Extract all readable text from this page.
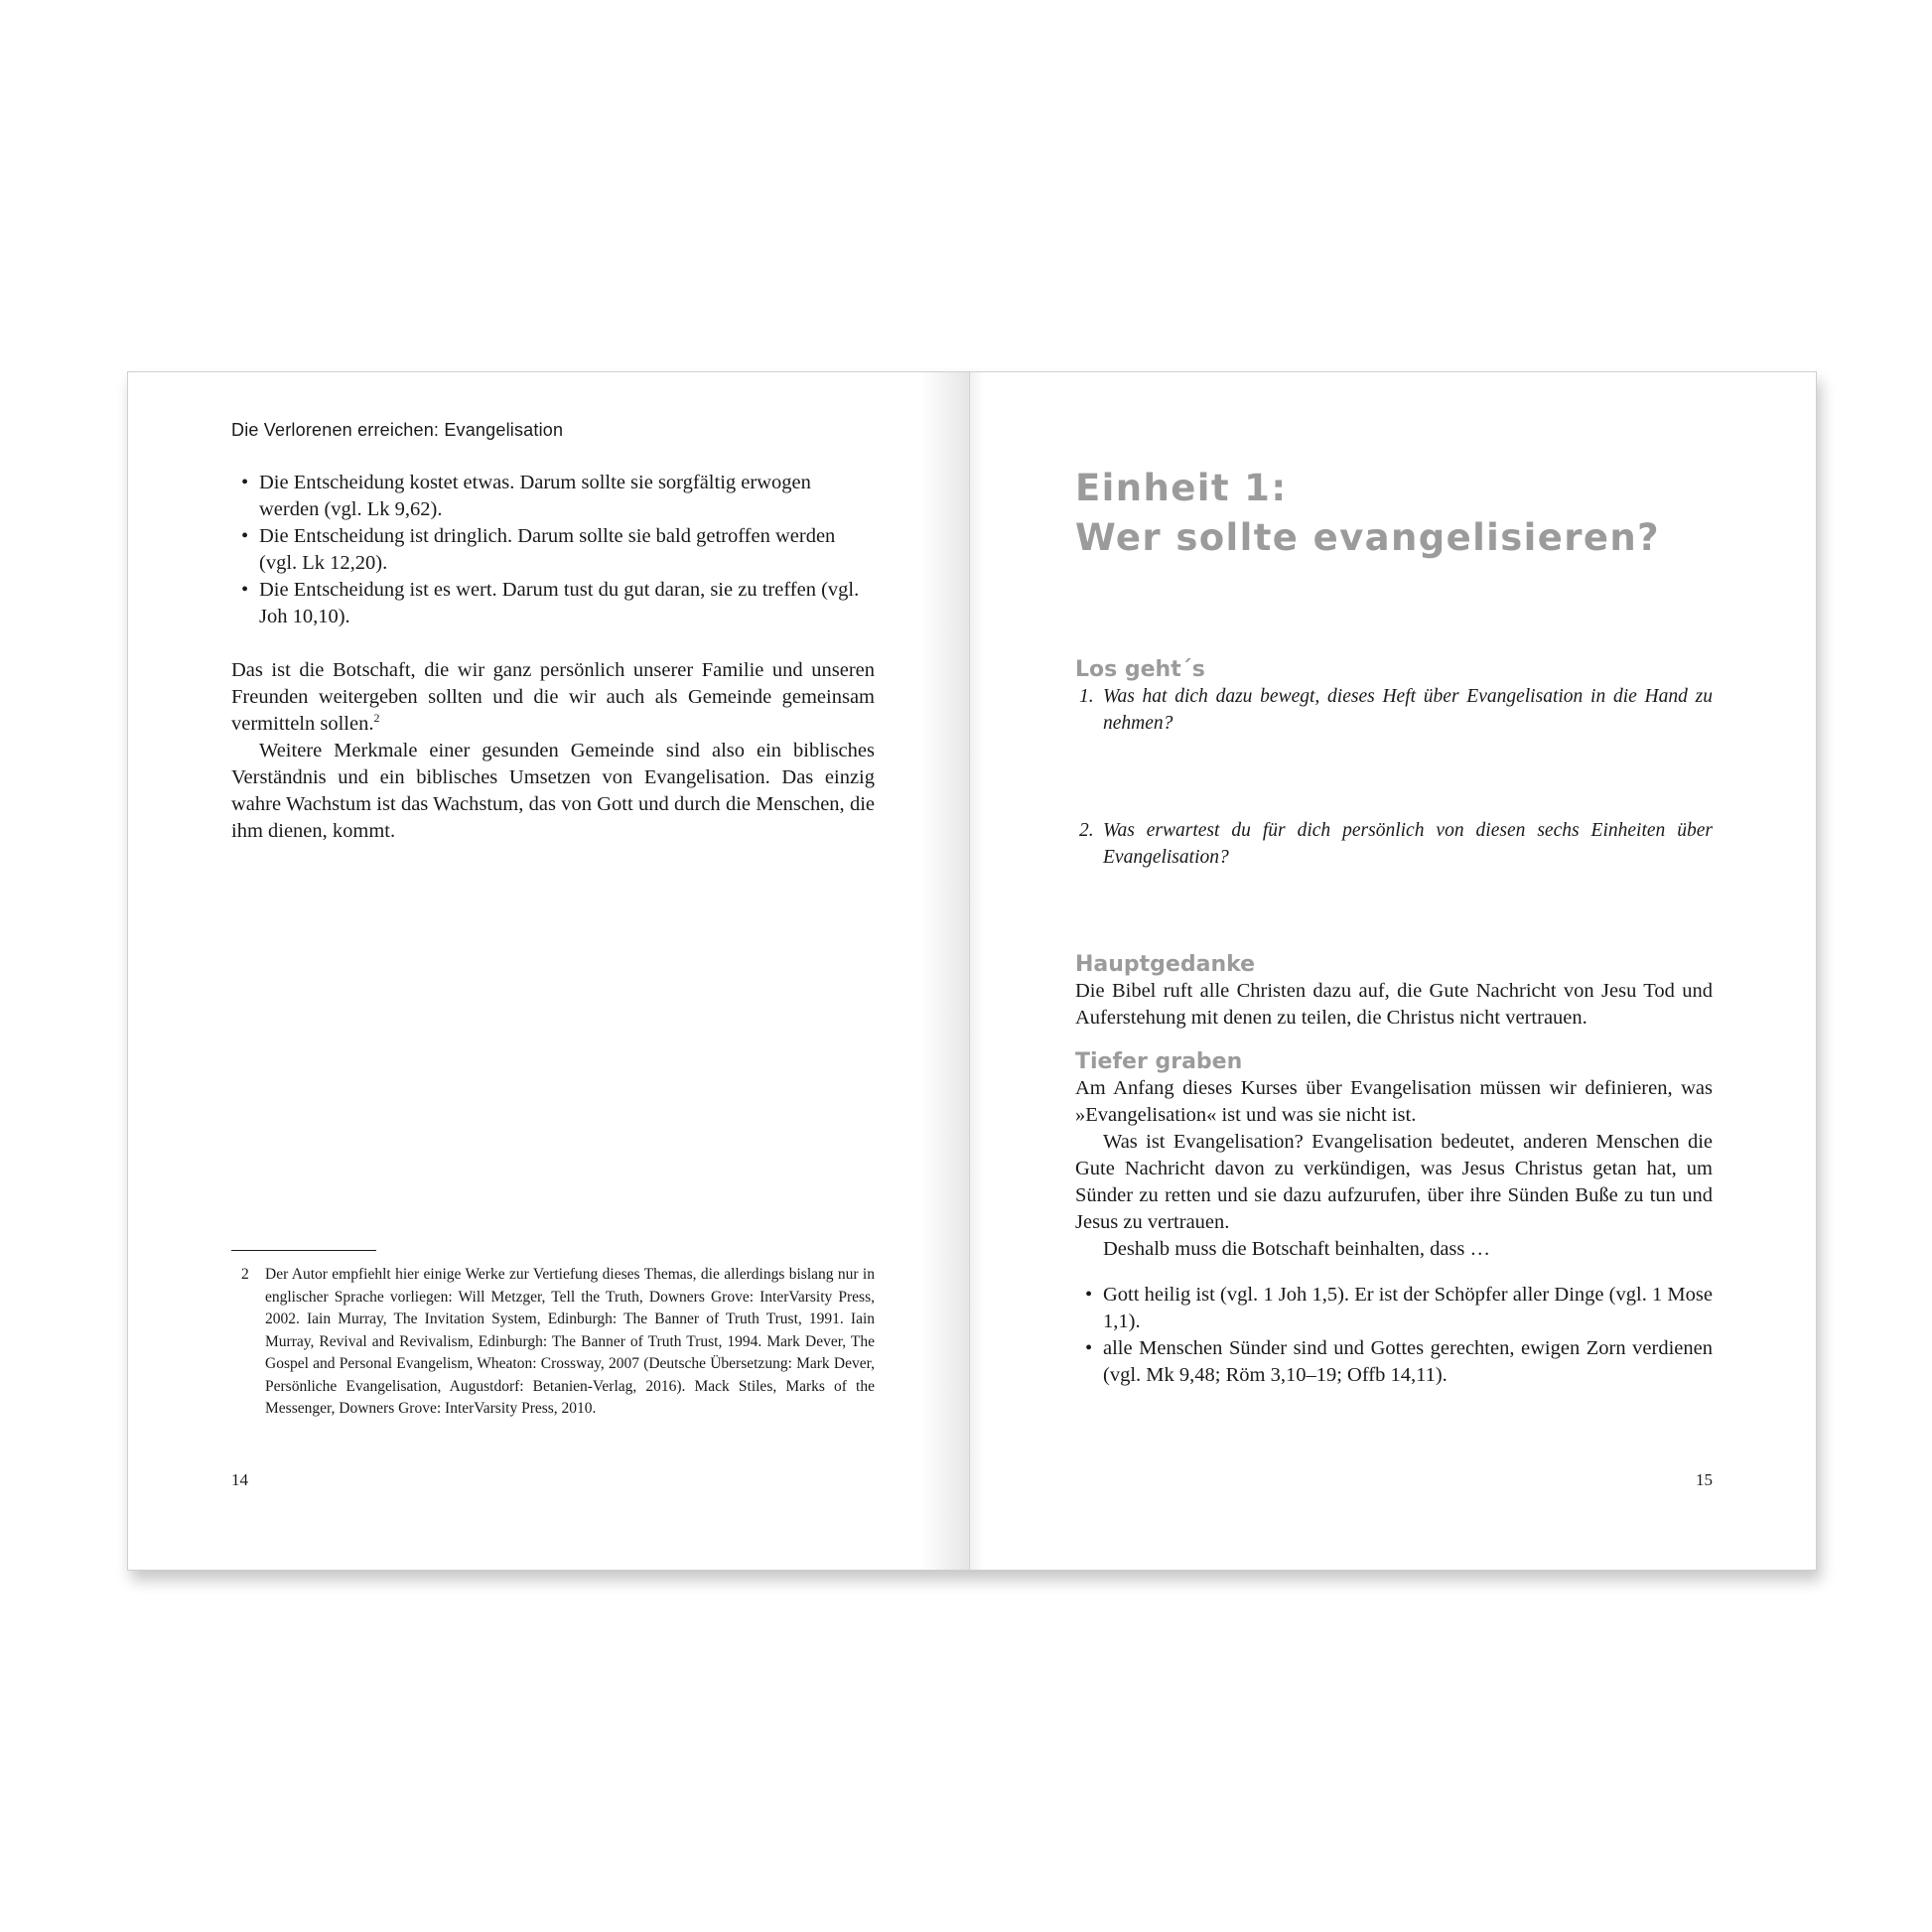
Die Verlorenen erreichen: Evangelisation
• Die Entscheidung kostet etwas. Darum sollte sie sorgfältig erwogen werden (vgl. Lk 9,62).
• Die Entscheidung ist dringlich. Darum sollte sie bald getroffen werden (vgl. Lk 12,20).
• Die Entscheidung ist es wert. Darum tust du gut daran, sie zu treffen (vgl. Joh 10,10).

Das ist die Botschaft, die wir ganz persönlich unserer Familie und unseren Freunden weitergeben sollten und die wir auch als Gemeinde gemeinsam vermitteln sollen.$^2$

Weitere Merkmale einer gesunden Gemeinde sind also ein biblisches Verständnis und ein biblisches Umsetzen von Evangelisation. Das einzig wahre Wachstum ist das Wachstum, das von Gott und durch die Menschen, die ihm dienen, kommt.

2 Der Autor empfiehlt hier einige Werke zur Vertiefung dieses Themas, die allerdings bislang nur in englischer Sprache vorliegen: Will Metzger, Tell the Truth, Downers Grove: InterVarsity Press, 2002. Iain Murray, The Invitation System, Edinburgh: The Banner of Truth Trust, 1991. Iain Murray, Revival and Revivalism, Edinburgh: The Banner of Truth Trust, 1994. Mark Dever, The Gospel and Personal Evangelism, Wheaton: Crossway, 2007 (Deutsche Übersetzung: Mark Dever, Persönliche Evangelisation, Augustdorf: Betanien-Verlag, 2016). Mack Stiles, Marks of the Messenger, Downers Grove: InterVarsity Press, 2010.
14
Einheit 1:
Wer sollte evangelisieren?
Los geht´s
1. Was hat dich dazu bewegt, dieses Heft über Evangelisation in die Hand zu nehmen?
2. Was erwartest du für dich persönlich von diesen sechs Einheiten über Evangelisation?
Hauptgedanke

Die Bibel ruft alle Christen dazu auf, die Gute Nachricht von Jesu Tod und Auferstehung mit denen zu teilen, die Christus nicht vertrauen.

Tiefer graben

Am Anfang dieses Kurses über Evangelisation müssen wir definieren, was »Evangelisation« ist und was sie nicht ist.

Was ist Evangelisation? Evangelisation bedeutet, anderen Menschen die Gute Nachricht davon zu verkündigen, was Jesus Christus getan hat, um Sünder zu retten und sie dazu aufzurufen, über ihre Sünden Buße zu tun und Jesus zu vertrauen.

Deshalb muss die Botschaft beinhalten, dass …

• Gott heilig ist (vgl. 1 Joh 1,5). Er ist der Schöpfer aller Dinge (vgl. 1 Mose 1,1).
• alle Menschen Sünder sind und Gottes gerechten, ewigen Zorn verdienen (vgl. Mk 9,48; Röm 3,10–19; Offb 14,11).
15
